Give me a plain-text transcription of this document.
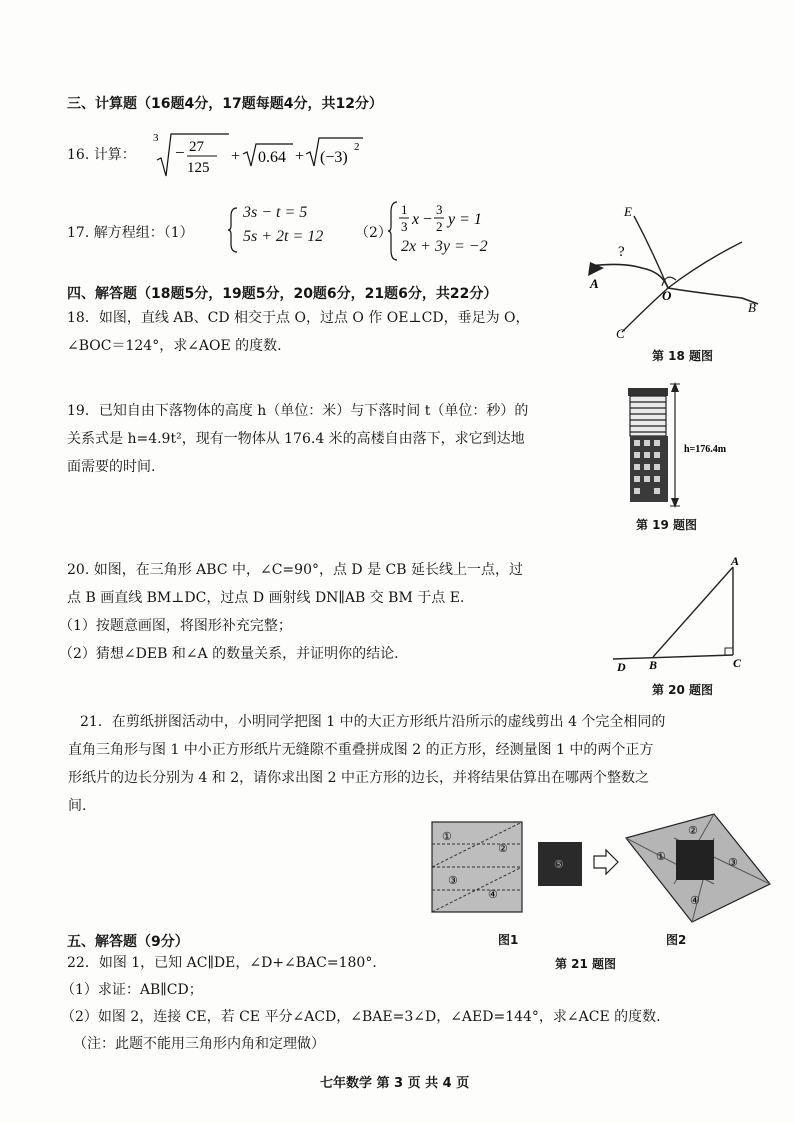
三、计算题（16题4分，17题每题4分，共12分）
16. 计算：
3
− 27
125
+ 0.64 + (−3)
2
17. 解方程组：（1）
3s − t = 5
5s + 2t = 12 （2）
1
3 x −
3
2 y = 1
2x + 3y = −2
四、解答题（18题5分，19题5分，20题6分，21题6分，共22分）
18．如图，直线 AB、CD 相交于点 O，过点 O 作 OE⊥CD，垂足为 O，
∠BOC＝124°，求∠AOE 的度数.
E
?
A
O
B
C
第 18 题图
19．已知自由下落物体的高度 h（单位：米）与下落时间 t（单位：秒）的
关系式是 h=4.9t²，现有一物体从 176.4 米的高楼自由落下，求它到达地
面需要的时间.
h=176.4m
第 19 题图
20. 如图，在三角形 ABC 中，∠C=90°，点 D 是 CB 延长线上一点，过
点 B 画直线 BM⊥DC，过点 D 画射线 DN∥AB 交 BM 于点 E.
（1）按题意画图，将图形补充完整；
（2）猜想∠DEB 和∠A 的数量关系，并证明你的结论.
A
D B	C
第 20 题图
21．在剪纸拼图活动中，小明同学把图 1 中的大正方形纸片沿所示的虚线剪出 4 个完全相同的
直角三角形与图 1 中小正方形纸片无缝隙不重叠拼成图 2 的正方形，经测量图 1 中的两个正方
形纸片的边长分别为 4 和 2，请你求出图 2 中正方形的边长，并将结果估算出在哪两个整数之
间.
①
②
③
④
⑤
①
②
③
④
图1	图2
第 21 题图
五、解答题（9分）
22．如图 1，已知 AC∥DE，∠D+∠BAC=180°．
（1）求证：AB∥CD；
（2）如图 2，连接 CE，若 CE 平分∠ACD，∠BAE=3∠D，∠AED=144°，求∠ACE 的度数.
（注：此题不能用三角形内角和定理做）
七年数学 第 3 页 共 4 页
